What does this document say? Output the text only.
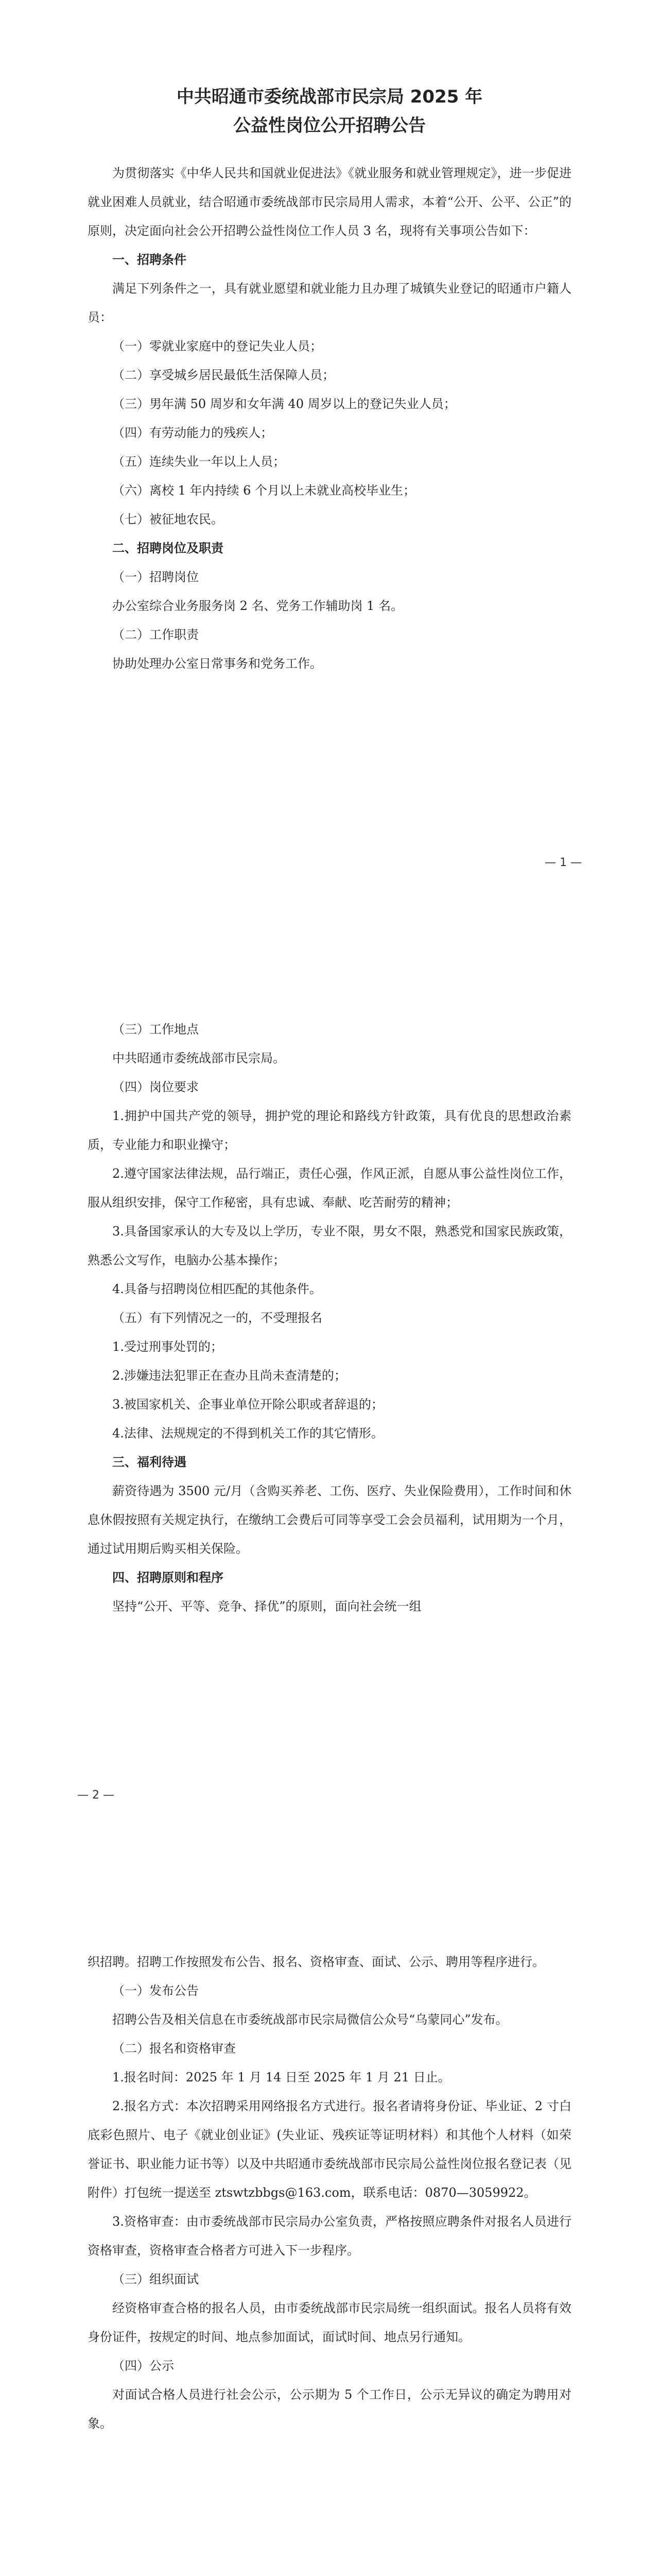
中共昭通市委统战部市民宗局 2025 年
公益性岗位公开招聘公告

为贯彻落实《中华人民共和国就业促进法》《就业服务和就业管理规定》，进一步促进就业困难人员就业，结合昭通市委统战部市民宗局用人需求，本着“公开、公平、公正”的原则，决定面向社会公开招聘公益性岗位工作人员 3 名，现将有关事项公告如下：

一、招聘条件

满足下列条件之一，具有就业愿望和就业能力且办理了城镇失业登记的昭通市户籍人员：

（一）零就业家庭中的登记失业人员；

（二）享受城乡居民最低生活保障人员；

（三）男年满 50 周岁和女年满 40 周岁以上的登记失业人员；

（四）有劳动能力的残疾人；

（五）连续失业一年以上人员；

（六）离校 1 年内持续 6 个月以上未就业高校毕业生；

（七）被征地农民。

二、招聘岗位及职责

（一）招聘岗位

办公室综合业务服务岗 2 名、党务工作辅助岗 1 名。

（二）工作职责

协助处理办公室日常事务和党务工作。

— 1 —

（三）工作地点

中共昭通市委统战部市民宗局。

（四）岗位要求

1.拥护中国共产党的领导，拥护党的理论和路线方针政策，具有优良的思想政治素质，专业能力和职业操守；

2.遵守国家法律法规，品行端正，责任心强，作风正派，自愿从事公益性岗位工作，服从组织安排，保守工作秘密，具有忠诚、奉献、吃苦耐劳的精神；

3.具备国家承认的大专及以上学历，专业不限，男女不限，熟悉党和国家民族政策，熟悉公文写作，电脑办公基本操作；

4.具备与招聘岗位相匹配的其他条件。

（五）有下列情况之一的，不受理报名

1.受过刑事处罚的；

2.涉嫌违法犯罪正在查办且尚未查清楚的；

3.被国家机关、企事业单位开除公职或者辞退的；

4.法律、法规规定的不得到机关工作的其它情形。

三、福利待遇

薪资待遇为 3500 元/月（含购买养老、工伤、医疗、失业保险费用），工作时间和休息休假按照有关规定执行，在缴纳工会费后可同等享受工会会员福利，试用期为一个月，通过试用期后购买相关保险。

四、招聘原则和程序

坚持“公开、平等、竞争、择优”的原则，面向社会统一组

— 2 —

织招聘。招聘工作按照发布公告、报名、资格审查、面试、公示、聘用等程序进行。

（一）发布公告

招聘公告及相关信息在市委统战部市民宗局微信公众号“乌蒙同心”发布。

（二）报名和资格审查

1.报名时间：2025 年 1 月 14 日至 2025 年 1 月 21 日止。

2.报名方式：本次招聘采用网络报名方式进行。报名者请将身份证、毕业证、2 寸白底彩色照片、电子《就业创业证》(失业证、残疾证等证明材料）和其他个人材料（如荣誉证书、职业能力证书等）以及中共昭通市委统战部市民宗局公益性岗位报名登记表（见附件）打包统一提送至 ztswtzbbgs@163.com，联系电话：0870—3059922。

3.资格审查：由市委统战部市民宗局办公室负责，严格按照应聘条件对报名人员进行资格审查，资格审查合格者方可进入下一步程序。

（三）组织面试

经资格审查合格的报名人员，由市委统战部市民宗局统一组织面试。报名人员将有效身份证件，按规定的时间、地点参加面试，面试时间、地点另行通知。

（四）公示

对面试合格人员进行社会公示，公示期为 5 个工作日，公示无异议的确定为聘用对象。
